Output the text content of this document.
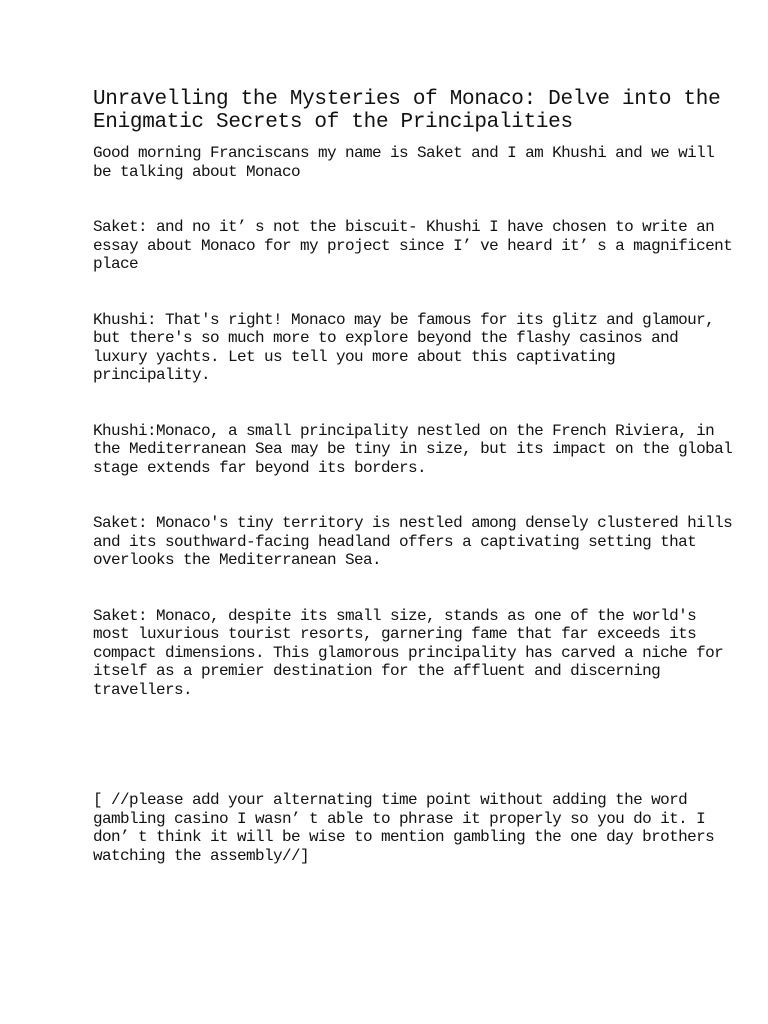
Unravelling the Mysteries of Monaco: Delve into the Enigmatic Secrets of the Principalities

Good morning Franciscans my name is Saket and I am Khushi and we will be talking about Monaco

Saket: and no it’ s not the biscuit- Khushi I have chosen to write an essay about Monaco for my project since I’ ve heard it’ s a magnificent place

Khushi: That's right! Monaco may be famous for its glitz and glamour, but there's so much more to explore beyond the flashy casinos and luxury yachts. Let us tell you more about this captivating principality.

Khushi:Monaco, a small principality nestled on the French Riviera, in the Mediterranean Sea may be tiny in size, but its impact on the global stage extends far beyond its borders.

Saket: Monaco's tiny territory is nestled among densely clustered hills and its southward-facing headland offers a captivating setting that overlooks the Mediterranean Sea.

Saket: Monaco, despite its small size, stands as one of the world's most luxurious tourist resorts, garnering fame that far exceeds its compact dimensions. This glamorous principality has carved a niche for itself as a premier destination for the affluent and discerning travellers.

[ //please add your alternating time point without adding the word gambling casino I wasn’ t able to phrase it properly so you do it. I don’ t think it will be wise to mention gambling the one day brothers watching the assembly//]
